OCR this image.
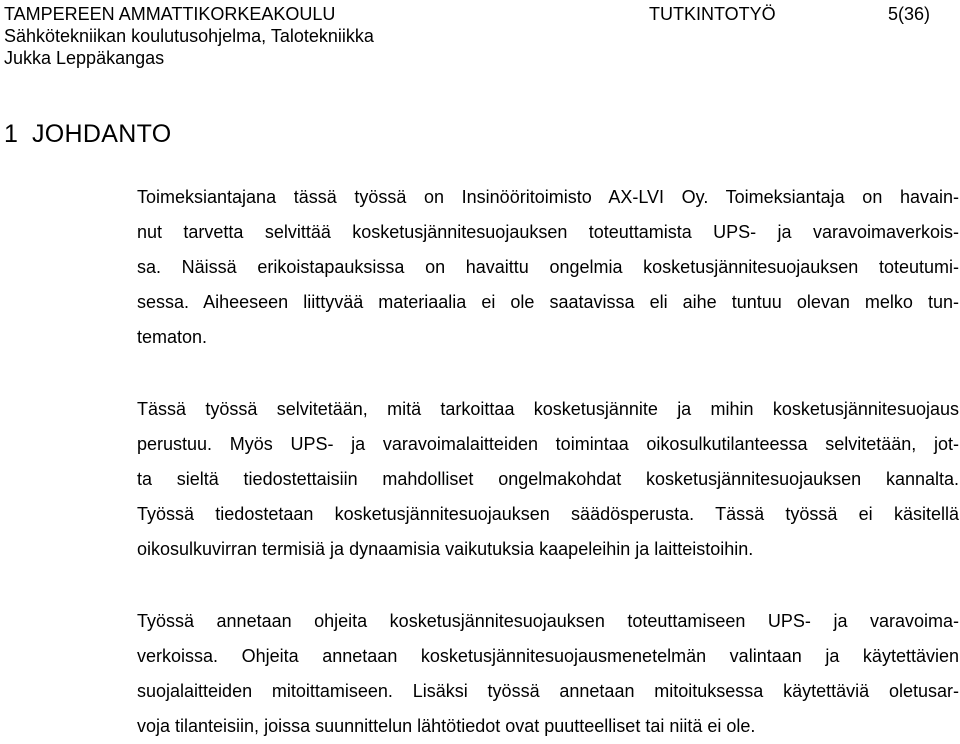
TAMPEREEN AMMATTIKORKEAKOULU	TUTKINTOTYÖ	5(36)
Sähkötekniikan koulutusohjelma, Talotekniikka
Jukka Leppäkangas
1 JOHDANTO
Toimeksiantajana tässä työssä on Insinööritoimisto AX-LVI Oy. Toimeksiantaja on havain-
nut tarvetta selvittää kosketusjännitesuojauksen toteuttamista UPS- ja varavoimaverkois-
sa. Näissä erikoistapauksissa on havaittu ongelmia kosketusjännitesuojauksen toteutumi-
sessa. Aiheeseen liittyvää materiaalia ei ole saatavissa eli aihe tuntuu olevan melko tun-
tematon.
Tässä työssä selvitetään, mitä tarkoittaa kosketusjännite ja mihin kosketusjännitesuojaus
perustuu. Myös UPS- ja varavoimalaitteiden toimintaa oikosulkutilanteessa selvitetään, jot-
ta sieltä tiedostettaisiin mahdolliset ongelmakohdat kosketusjännitesuojauksen kannalta.
Työssä tiedostetaan kosketusjännitesuojauksen säädösperusta. Tässä työssä ei käsitellä
oikosulkuvirran termisiä ja dynaamisia vaikutuksia kaapeleihin ja laitteistoihin.
Työssä annetaan ohjeita kosketusjännitesuojauksen toteuttamiseen UPS- ja varavoima-
verkoissa. Ohjeita annetaan kosketusjännitesuojausmenetelmän valintaan ja käytettävien
suojalaitteiden mitoittamiseen. Lisäksi työssä annetaan mitoituksessa käytettäviä oletusar-
voja tilanteisiin, joissa suunnittelun lähtötiedot ovat puutteelliset tai niitä ei ole.
